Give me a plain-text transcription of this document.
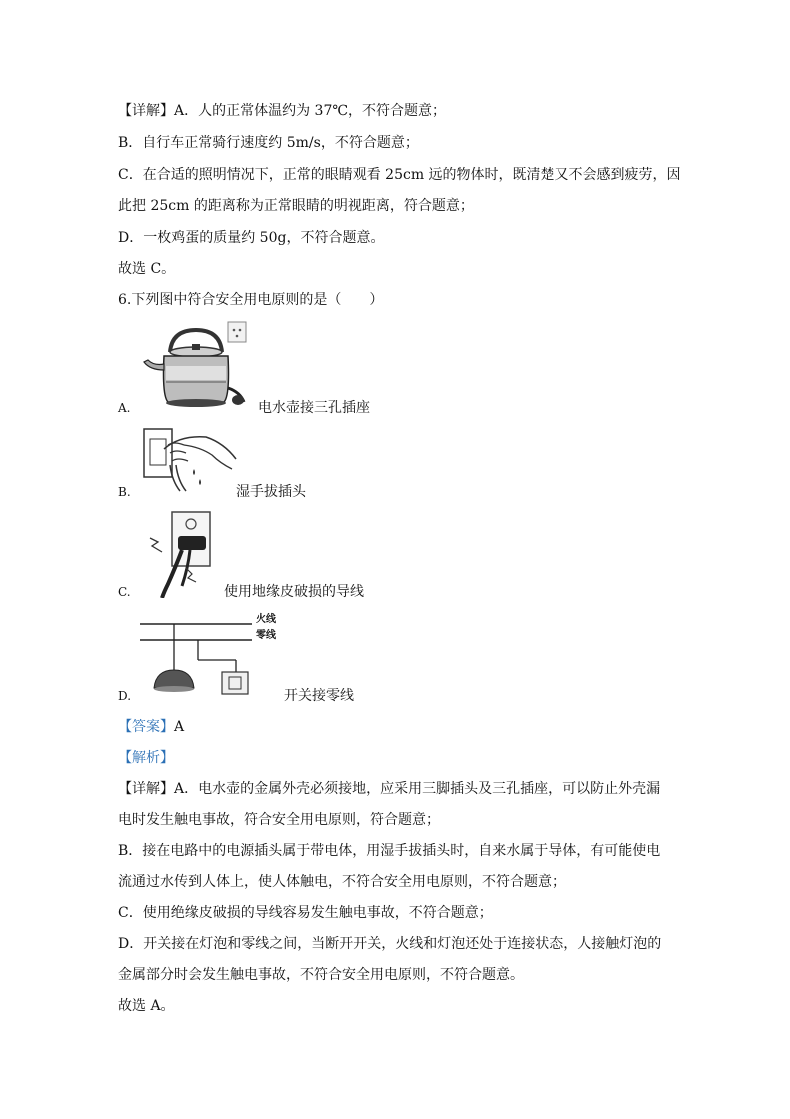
【详解】A．人的正常体温约为 37℃，不符合题意；
B．自行车正常骑行速度约 5m/s，不符合题意；
C．在合适的照明情况下，正常的眼睛观看 25cm 远的物体时，既清楚又不会感到疲劳，因
此把 25cm 的距离称为正常眼睛的明视距离，符合题意；
D．一枚鸡蛋的质量约 50g，不符合题意。
故选 C。
6.下列图中符合安全用电原则的是（　　）
A.	电水壶接三孔插座
B.	湿手拔插头
C.	使用地缘皮破损的导线
火线
零线
D.	开关接零线
【答案】A
【解析】
【详解】A．电水壶的金属外壳必须接地，应采用三脚插头及三孔插座，可以防止外壳漏
电时发生触电事故，符合安全用电原则，符合题意；
B．接在电路中的电源插头属于带电体，用湿手拔插头时，自来水属于导体，有可能使电
流通过水传到人体上，使人体触电，不符合安全用电原则，不符合题意；
C．使用绝缘皮破损的导线容易发生触电事故，不符合题意；
D．开关接在灯泡和零线之间，当断开开关，火线和灯泡还处于连接状态，人接触灯泡的
金属部分时会发生触电事故，不符合安全用电原则，不符合题意。
故选 A。
